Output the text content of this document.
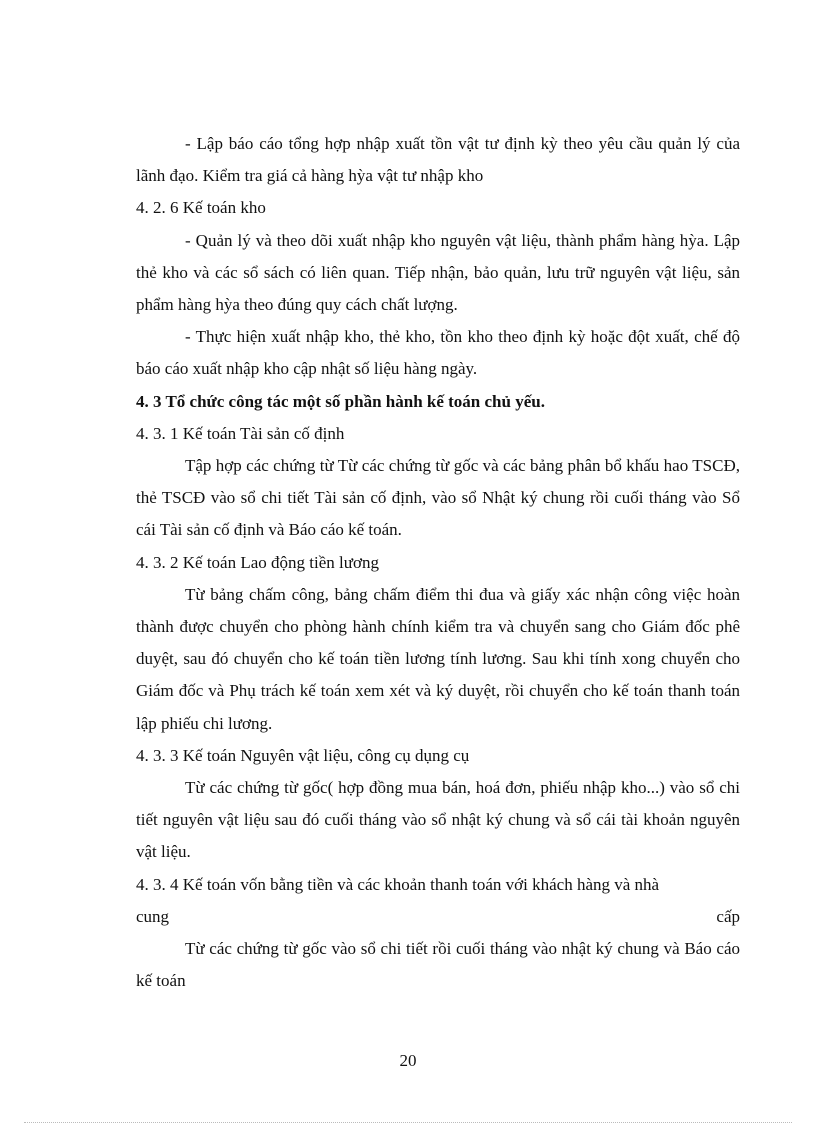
- Lập báo cáo tổng hợp nhập xuất tồn vật tư định kỳ theo yêu cầu quản lý của lãnh đạo. Kiểm tra giá cả hàng hỳa vật tư nhập kho

4. 2. 6 Kế toán kho

- Quản lý và theo dõi xuất nhập kho nguyên vật liệu, thành phẩm hàng hỳa. Lập thẻ kho và các sổ sách có liên quan. Tiếp nhận, bảo quản, lưu trữ nguyên vật liệu, sản phẩm hàng hỳa theo đúng quy cách chất lượng.

- Thực hiện xuất nhập kho, thẻ kho, tồn kho theo định kỳ hoặc đột xuất, chế độ báo cáo xuất nhập kho cập nhật số liệu hàng ngày.

4. 3 Tổ chức công tác một số phần hành kế toán chủ yếu.

4. 3. 1 Kế toán Tài sản cố định

Tập hợp các chứng từ Từ các chứng từ gốc và các bảng phân bổ khấu hao TSCĐ, thẻ TSCĐ vào sổ chi tiết Tài sản cố định, vào sổ Nhật ký chung rồi cuối tháng vào Sổ cái Tài sản cố định và Báo cáo kế toán.

4. 3. 2 Kế toán Lao động tiền lương

Từ bảng chấm công, bảng chấm điểm thi đua và giấy xác nhận công việc hoàn thành được chuyển cho phòng hành chính kiểm tra và chuyển sang cho Giám đốc phê duyệt, sau đó chuyển cho kế toán tiền lương tính lương. Sau khi tính xong chuyển cho Giám đốc và Phụ trách kế toán xem xét và ký duyệt, rồi chuyển cho kế toán thanh toán lập phiếu chi lương.

4. 3. 3 Kế toán Nguyên vật liệu, công cụ dụng cụ

Từ các chứng từ gốc( hợp đồng mua bán, hoá đơn, phiếu nhập kho...) vào sổ chi tiết nguyên vật liệu sau đó cuối tháng vào sổ nhật ký chung và sổ cái tài khoản nguyên vật liệu.

4. 3. 4 Kế toán vốn bằng tiền và các khoản thanh toán với khách hàng và nhà

cung	cấp

Từ các chứng từ gốc vào sổ chi tiết rồi cuối tháng vào nhật ký chung và Báo cáo kế toán

20
